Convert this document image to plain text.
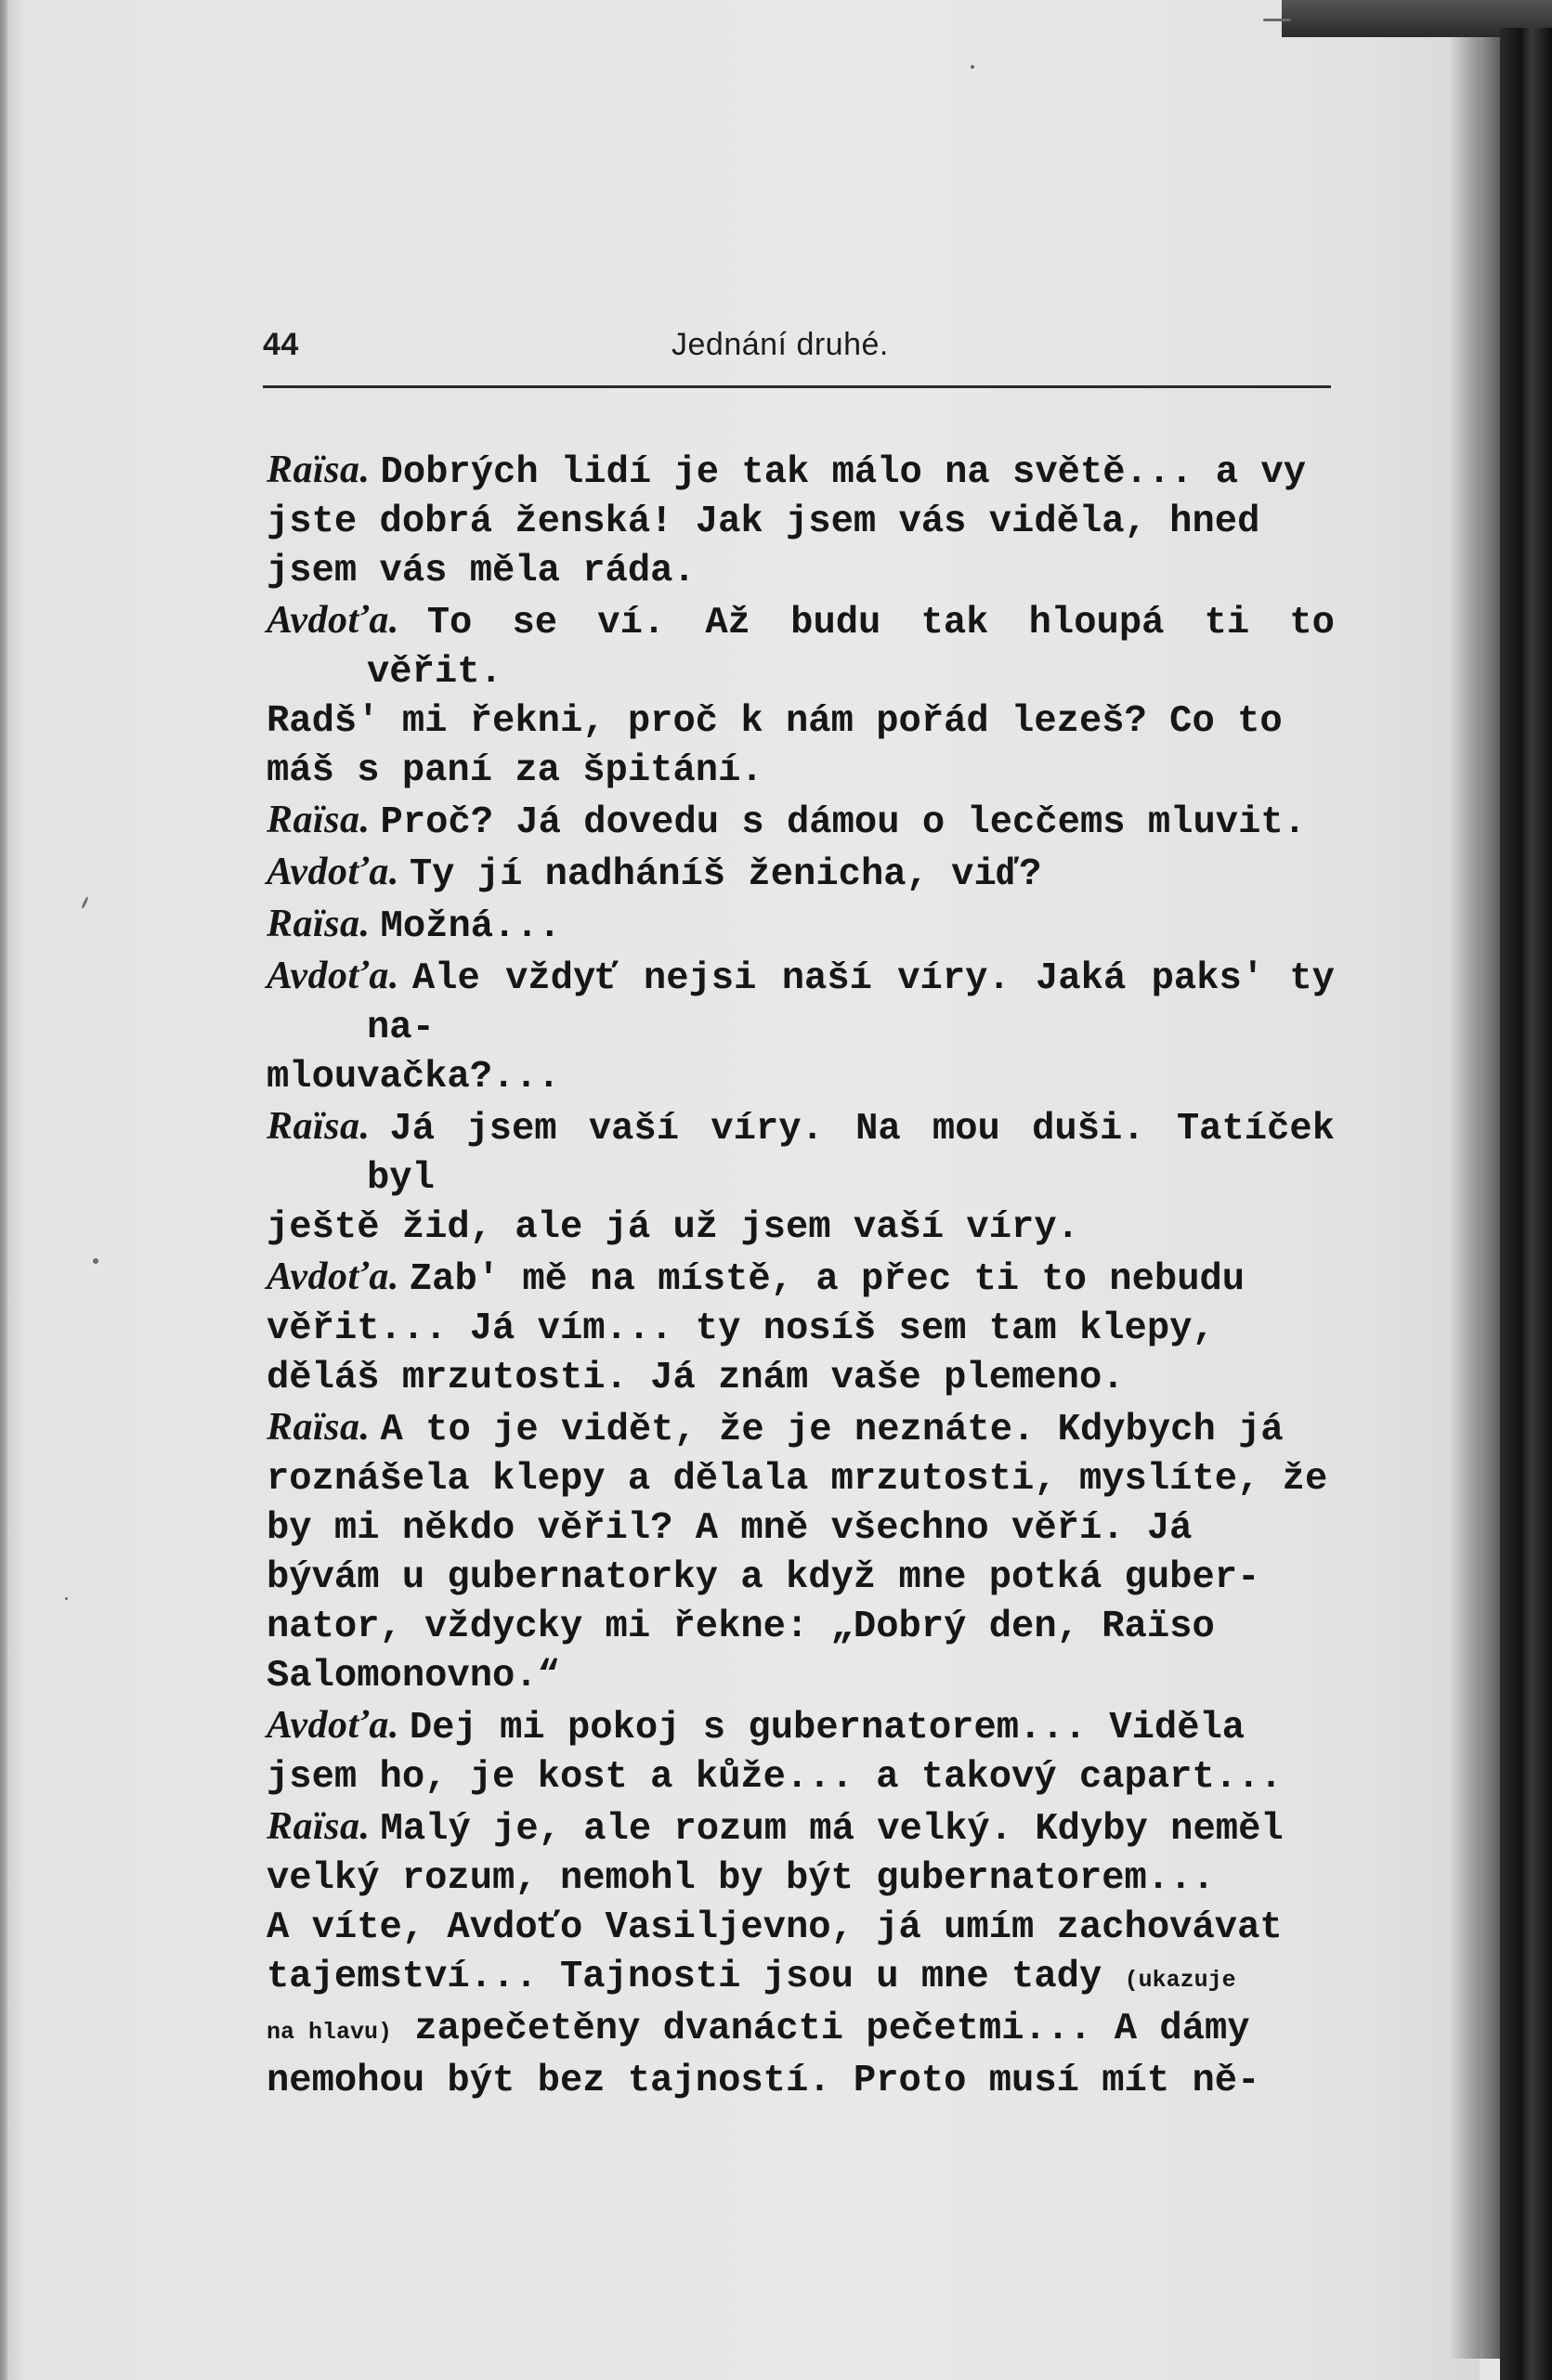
44	Jednání druhé.

Raïsa. Dobrých lidí je tak málo na světě... a vy
jste dobrá ženská! Jak jsem vás viděla, hned
jsem vás měla ráda.

Avdoťa. To se ví. Až budu tak hloupá ti to věřit.
Radš' mi řekni, proč k nám pořád lezeš? Co to
máš s paní za špitání.

Raïsa. Proč? Já dovedu s dámou o lecčems mluvit.

Avdoťa. Ty jí nadháníš ženicha, viď?

Raïsa. Možná...

Avdoťa. Ale vždyť nejsi naší víry. Jaká paks' ty na-
mlouvačka?...

Raïsa. Já jsem vaší víry. Na mou duši. Tatíček byl
ještě žid, ale já už jsem vaší víry.

Avdoťa. Zab' mě na místě, a přec ti to nebudu
věřit... Já vím... ty nosíš sem tam klepy,
děláš mrzutosti. Já znám vaše plemeno.

Raïsa. A to je vidět, že je neznáte. Kdybych já
roznášela klepy a dělala mrzutosti, myslíte, že
by mi někdo věřil? A mně všechno věří. Já
bývám u gubernatorky a když mne potká guber-
nator, vždycky mi řekne: „Dobrý den, Raïso
Salomonovno.“

Avdoťa. Dej mi pokoj s gubernatorem... Viděla
jsem ho, je kost a kůže... a takový capart...

Raïsa. Malý je, ale rozum má velký. Kdyby neměl
velký rozum, nemohl by být gubernatorem...
A víte, Avdoťo Vasiljevno, já umím zachovávat
tajemství... Tajnosti jsou u mne tady (ukazuje
na hlavu) zapečetěny dvanácti pečetmi... A dámy
nemohou být bez tajností. Proto musí mít ně-
